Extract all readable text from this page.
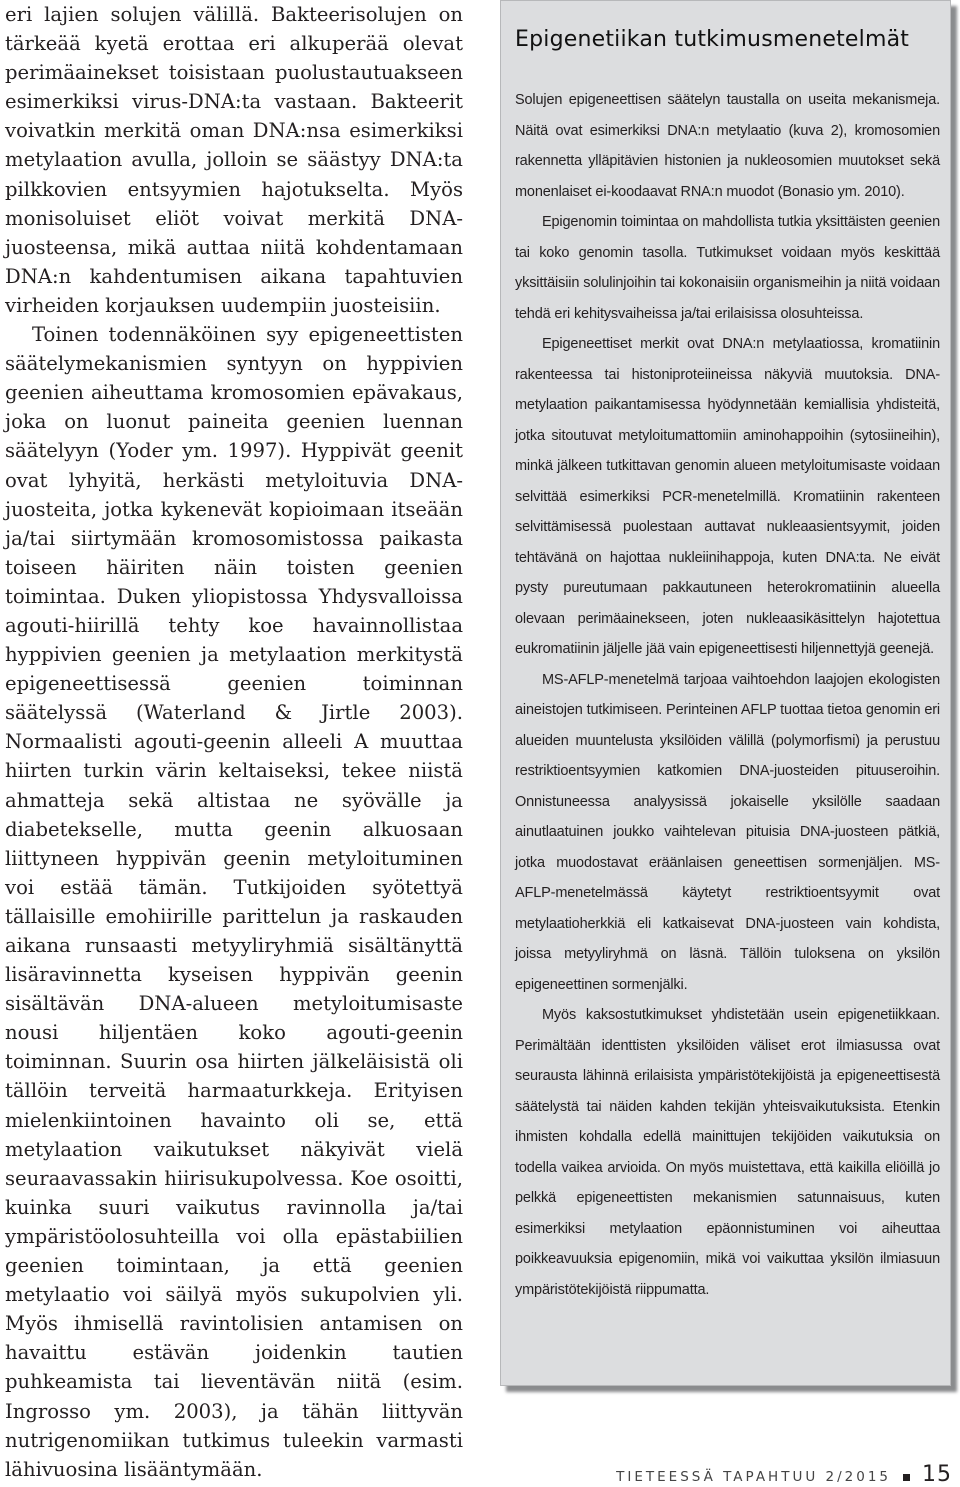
eri lajien solujen välillä. Bakteerisolujen on tärkeää kyetä erottaa eri alkuperää olevat perimäainekset toisistaan puolustautuakseen esimerkiksi virus-DNA:ta vastaan. Bakteerit voivatkin merkitä oman DNA:nsa esimerkiksi metylaation avulla, jolloin se säästyy DNA:ta pilkkovien entsyymien hajotukselta. Myös monisoluiset eliöt voivat merkitä DNA-juosteensa, mikä auttaa niitä kohdentamaan DNA:n kahdentumisen aikana tapahtuvien virheiden korjauksen uudempiin juosteisiin.

Toinen todennäköinen syy epigeneettisten säätelymekanismien syntyyn on hyppivien geenien aiheuttama kromosomien epävakaus, joka on luonut paineita geenien luennan säätelyyn (Yoder ym. 1997). Hyppivät geenit ovat lyhyitä, herkästi metyloituvia DNA-juosteita, jotka kykenevät kopioimaan itseään ja/tai siirtymään kromosomistossa paikasta toiseen häiriten näin toisten geenien toimintaa. Duken yliopistossa Yhdysvalloissa agouti-hiirillä tehty koe havainnollistaa hyppivien geenien ja metylaation merkitystä epigeneettisessä geenien toiminnan säätelyssä (Waterland & Jirtle 2003). Normaalisti agouti-geenin alleeli A muuttaa hiirten turkin värin keltaiseksi, tekee niistä ahmatteja sekä altistaa ne syövälle ja diabetekselle, mutta geenin alkuosaan liittyneen hyppivän geenin metyloituminen voi estää tämän. Tutkijoiden syötettyä tällaisille emohiirille parittelun ja raskauden aikana runsaasti metyyliryhmiä sisältänyttä lisäravinnetta kyseisen hyppivän geenin sisältävän DNA-alueen metyloitumisaste nousi hiljentäen koko agouti-geenin toiminnan. Suurin osa hiirten jälkeläisistä oli tällöin terveitä harmaaturkkeja. Erityisen mielenkiintoinen havainto oli se, että metylaation vaikutukset näkyivät vielä seuraavassakin hiirisukupolvessa. Koe osoitti, kuinka suuri vaikutus ravinnolla ja/tai ympäristöolosuhteilla voi olla epästabiilien geenien toimintaan, ja että geenien metylaatio voi säilyä myös sukupolvien yli. Myös ihmisellä ravintolisien antamisen on havaittu estävän joidenkin tautien puhkeamista tai lieventävän niitä (esim. Ingrosso ym. 2003), ja tähän liittyvän nutrigenomiikan tutkimus tuleekin varmasti lähivuosina lisääntymään.

Epigenetiikan tutkimusmenetelmät

Solujen epigeneettisen säätelyn taustalla on useita mekanismeja. Näitä ovat esimerkiksi DNA:n metylaatio (kuva 2), kromosomien rakennetta ylläpitävien histonien ja nukleosomien muutokset sekä monenlaiset ei-koodaavat RNA:n muodot (Bonasio ym. 2010).

Epigenomin toimintaa on mahdollista tutkia yksittäisten geenien tai koko genomin tasolla. Tutkimukset voidaan myös keskittää yksittäisiin solulinjoihin tai kokonaisiin organismeihin ja niitä voidaan tehdä eri kehitysvaiheissa ja/tai erilaisissa olosuhteissa.

Epigeneettiset merkit ovat DNA:n metylaatiossa, kromatiinin rakenteessa tai histoniproteiineissa näkyviä muutoksia. DNA-metylaation paikantamisessa hyödynnetään kemiallisia yhdisteitä, jotka sitoutuvat metyloitumattomiin aminohappoihin (sytosiineihin), minkä jälkeen tutkittavan genomin alueen metyloitumisaste voidaan selvittää esimerkiksi PCR-menetelmillä. Kromatiinin rakenteen selvittämisessä puolestaan auttavat nukleaasientsyymit, joiden tehtävänä on hajottaa nukleiinihappoja, kuten DNA:ta. Ne eivät pysty pureutumaan pakkautuneen heterokromatiinin alueella olevaan perimäainekseen, joten nukleaasikäsittelyn hajotettua eukromatiinin jäljelle jää vain epigeneettisesti hiljennettyjä geenejä.

MS-AFLP-menetelmä tarjoaa vaihtoehdon laajojen ekologisten aineistojen tutkimiseen. Perinteinen AFLP tuottaa tietoa genomin eri alueiden muuntelusta yksilöiden välillä (polymorfismi) ja perustuu restriktioentsyymien katkomien DNA-juosteiden pituuseroihin. Onnistuneessa analyysissä jokaiselle yksilölle saadaan ainutlaatuinen joukko vaihtelevan pituisia DNA-juosteen pätkiä, jotka muodostavat eräänlaisen geneettisen sormenjäljen. MS-AFLP-menetelmässä käytetyt restriktioentsyymit ovat metylaatioherkkiä eli katkaisevat DNA-juosteen vain kohdista, joissa metyyliryhmä on läsnä. Tällöin tuloksena on yksilön epigeneettinen sormenjälki.

Myös kaksostutkimukset yhdistetään usein epigenetiikkaan. Perimältään identtisten yksilöiden väliset erot ilmiasussa ovat seurausta lähinnä erilaisista ympäristötekijöistä ja epigeneettisestä säätelystä tai näiden kahden tekijän yhteisvaikutuksista. Etenkin ihmisten kohdalla edellä mainittujen tekijöiden vaikutuksia on todella vaikea arvioida. On myös muistettava, että kaikilla eliöillä jo pelkkä epigeneettisten mekanismien satunnaisuus, kuten esimerkiksi metylaation epäonnistuminen voi aiheuttaa poikkeavuuksia epigenomiin, mikä voi vaikuttaa yksilön ilmiasuun ympäristötekijöistä riippumatta.

TIETEESSÄ TAPAHTUU 2/2015 15
